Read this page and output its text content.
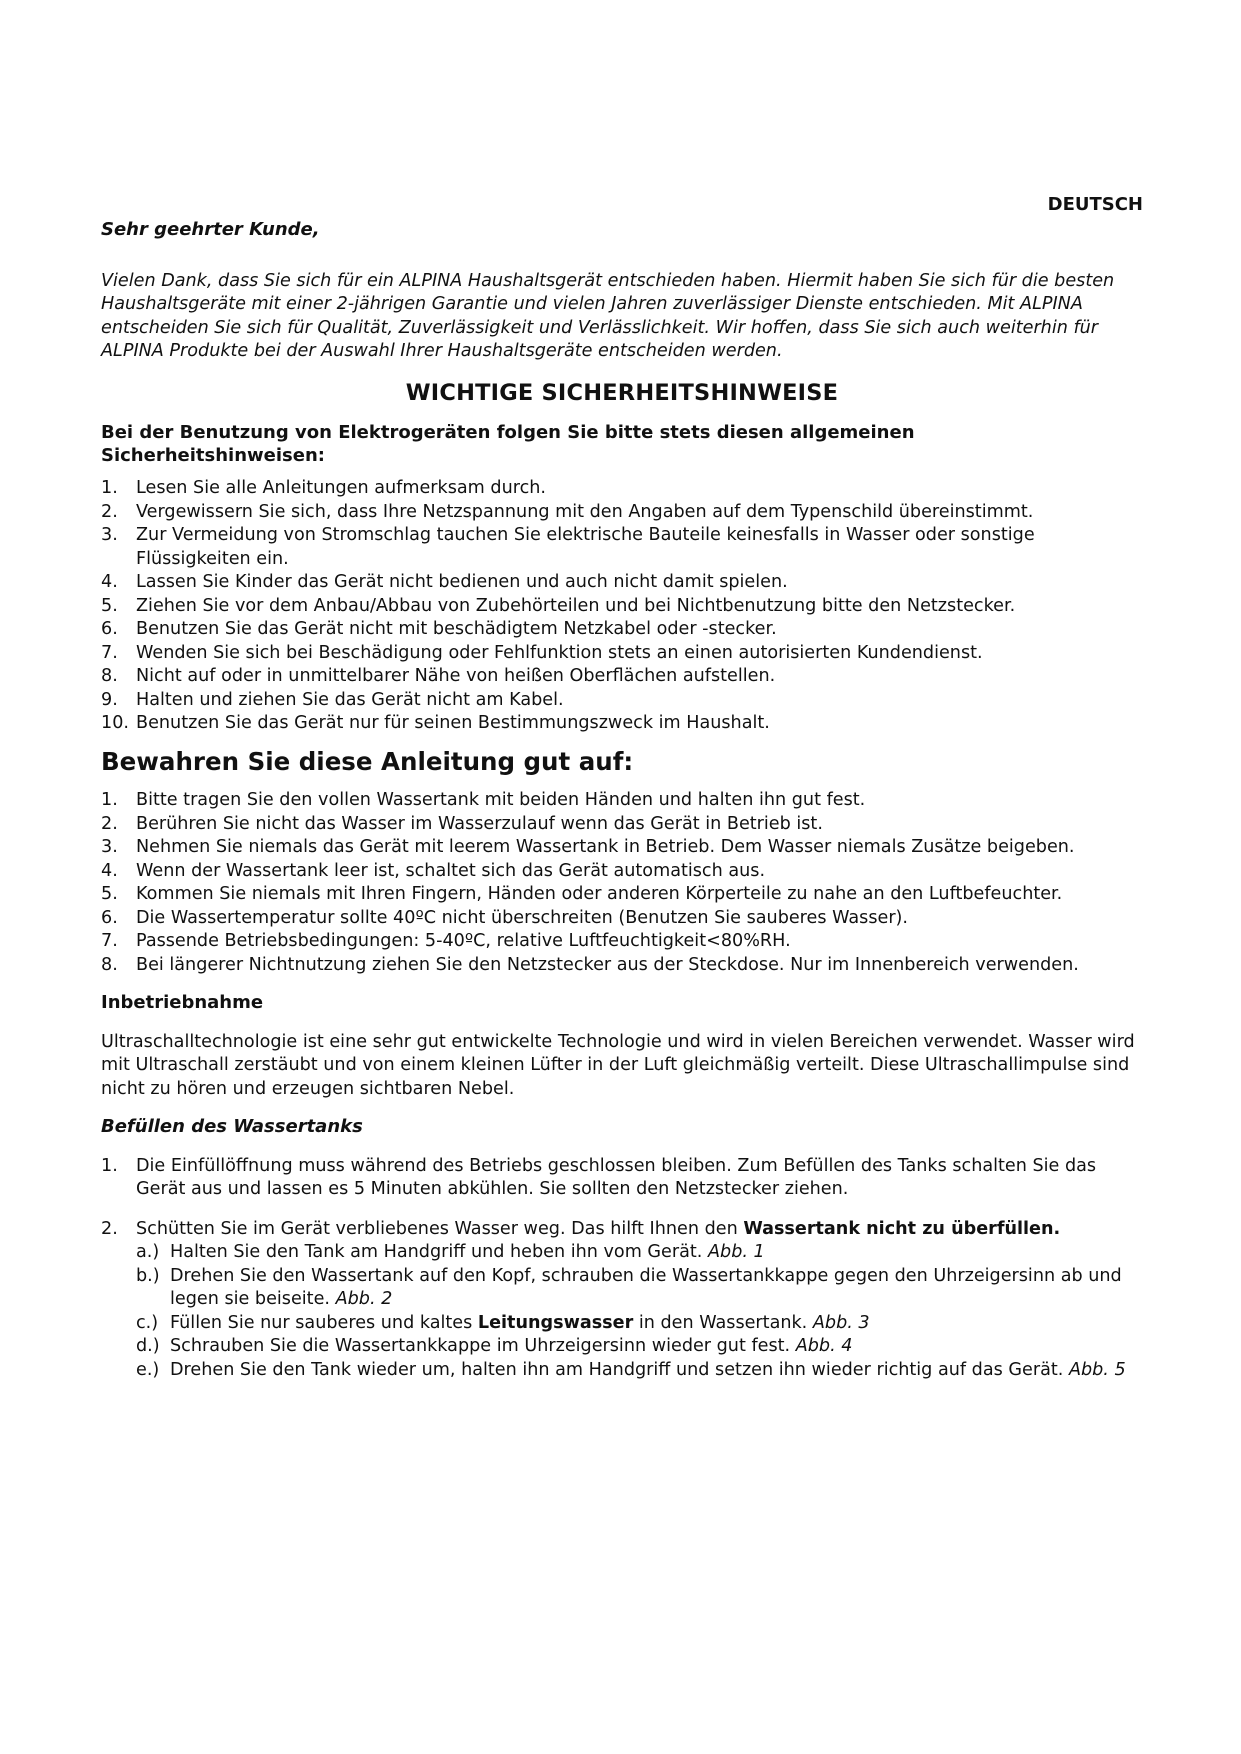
DEUTSCH
Sehr geehrter Kunde,

Vielen Dank, dass Sie sich für ein ALPINA Haushaltsgerät entschieden haben. Hiermit haben Sie sich für die besten Haushaltsgeräte mit einer 2-jährigen Garantie und vielen Jahren zuverlässiger Dienste entschieden. Mit ALPINA entscheiden Sie sich für Qualität, Zuverlässigkeit und Verlässlichkeit. Wir hoffen, dass Sie sich auch weiterhin für ALPINA Produkte bei der Auswahl Ihrer Haushaltsgeräte entscheiden werden.

WICHTIGE SICHERHEITSHINWEISE
Bei der Benutzung von Elektrogeräten folgen Sie bitte stets diesen allgemeinen Sicherheitshinweisen:
1.	Lesen Sie alle Anleitungen aufmerksam durch.
2.	Vergewissern Sie sich, dass Ihre Netzspannung mit den Angaben auf dem Typenschild übereinstimmt.
3.	Zur Vermeidung von Stromschlag tauchen Sie elektrische Bauteile keinesfalls in Wasser oder sonstige Flüssigkeiten ein.
4.	Lassen Sie Kinder das Gerät nicht bedienen und auch nicht damit spielen.
5.	Ziehen Sie vor dem Anbau/Abbau von Zubehörteilen und bei Nichtbenutzung bitte den Netzstecker.
6.	Benutzen Sie das Gerät nicht mit beschädigtem Netzkabel oder -stecker.
7.	Wenden Sie sich bei Beschädigung oder Fehlfunktion stets an einen autorisierten Kundendienst.
8.	Nicht auf oder in unmittelbarer Nähe von heißen Oberflächen aufstellen.
9.	Halten und ziehen Sie das Gerät nicht am Kabel.
10. Benutzen Sie das Gerät nur für seinen Bestimmungszweck im Haushalt.
Bewahren Sie diese Anleitung gut auf:
1.	Bitte tragen Sie den vollen Wassertank mit beiden Händen und halten ihn gut fest.
2.	Berühren Sie nicht das Wasser im Wasserzulauf wenn das Gerät in Betrieb ist.
3.	Nehmen Sie niemals das Gerät mit leerem Wassertank in Betrieb. Dem Wasser niemals Zusätze beigeben.
4.	Wenn der Wassertank leer ist, schaltet sich das Gerät automatisch aus.
5.	Kommen Sie niemals mit Ihren Fingern, Händen oder anderen Körperteile zu nahe an den Luftbefeuchter.
6.	Die Wassertemperatur sollte 40ºC nicht überschreiten (Benutzen Sie sauberes Wasser).
7.	Passende Betriebsbedingungen: 5-40ºC, relative Luftfeuchtigkeit<80%RH.
8.	Bei längerer Nichtnutzung ziehen Sie den Netzstecker aus der Steckdose. Nur im Innenbereich verwenden.
Inbetriebnahme

Ultraschalltechnologie ist eine sehr gut entwickelte Technologie und wird in vielen Bereichen verwendet. Wasser wird mit Ultraschall zerstäubt und von einem kleinen Lüfter in der Luft gleichmäßig verteilt. Diese Ultraschallimpulse sind nicht zu hören und erzeugen sichtbaren Nebel.

Befüllen des Wassertanks
1. Die Einfüllöffnung muss während des Betriebs geschlossen bleiben. Zum Befüllen des Tanks schalten Sie das Gerät aus und lassen es 5 Minuten abkühlen. Sie sollten den Netzstecker ziehen.
2. Schütten Sie im Gerät verbliebenes Wasser weg. Das hilft Ihnen den Wassertank nicht zu überfüllen.
a.) Halten Sie den Tank am Handgriff und heben ihn vom Gerät. Abb. 1
b.) Drehen Sie den Wassertank auf den Kopf, schrauben die Wassertankkappe gegen den Uhrzeigersinn ab und legen sie beiseite. Abb. 2
c.) Füllen Sie nur sauberes und kaltes Leitungswasser in den Wassertank. Abb. 3
d.) Schrauben Sie die Wassertankkappe im Uhrzeigersinn wieder gut fest. Abb. 4
e.) Drehen Sie den Tank wieder um, halten ihn am Handgriff und setzen ihn wieder richtig auf das Gerät. Abb. 5
